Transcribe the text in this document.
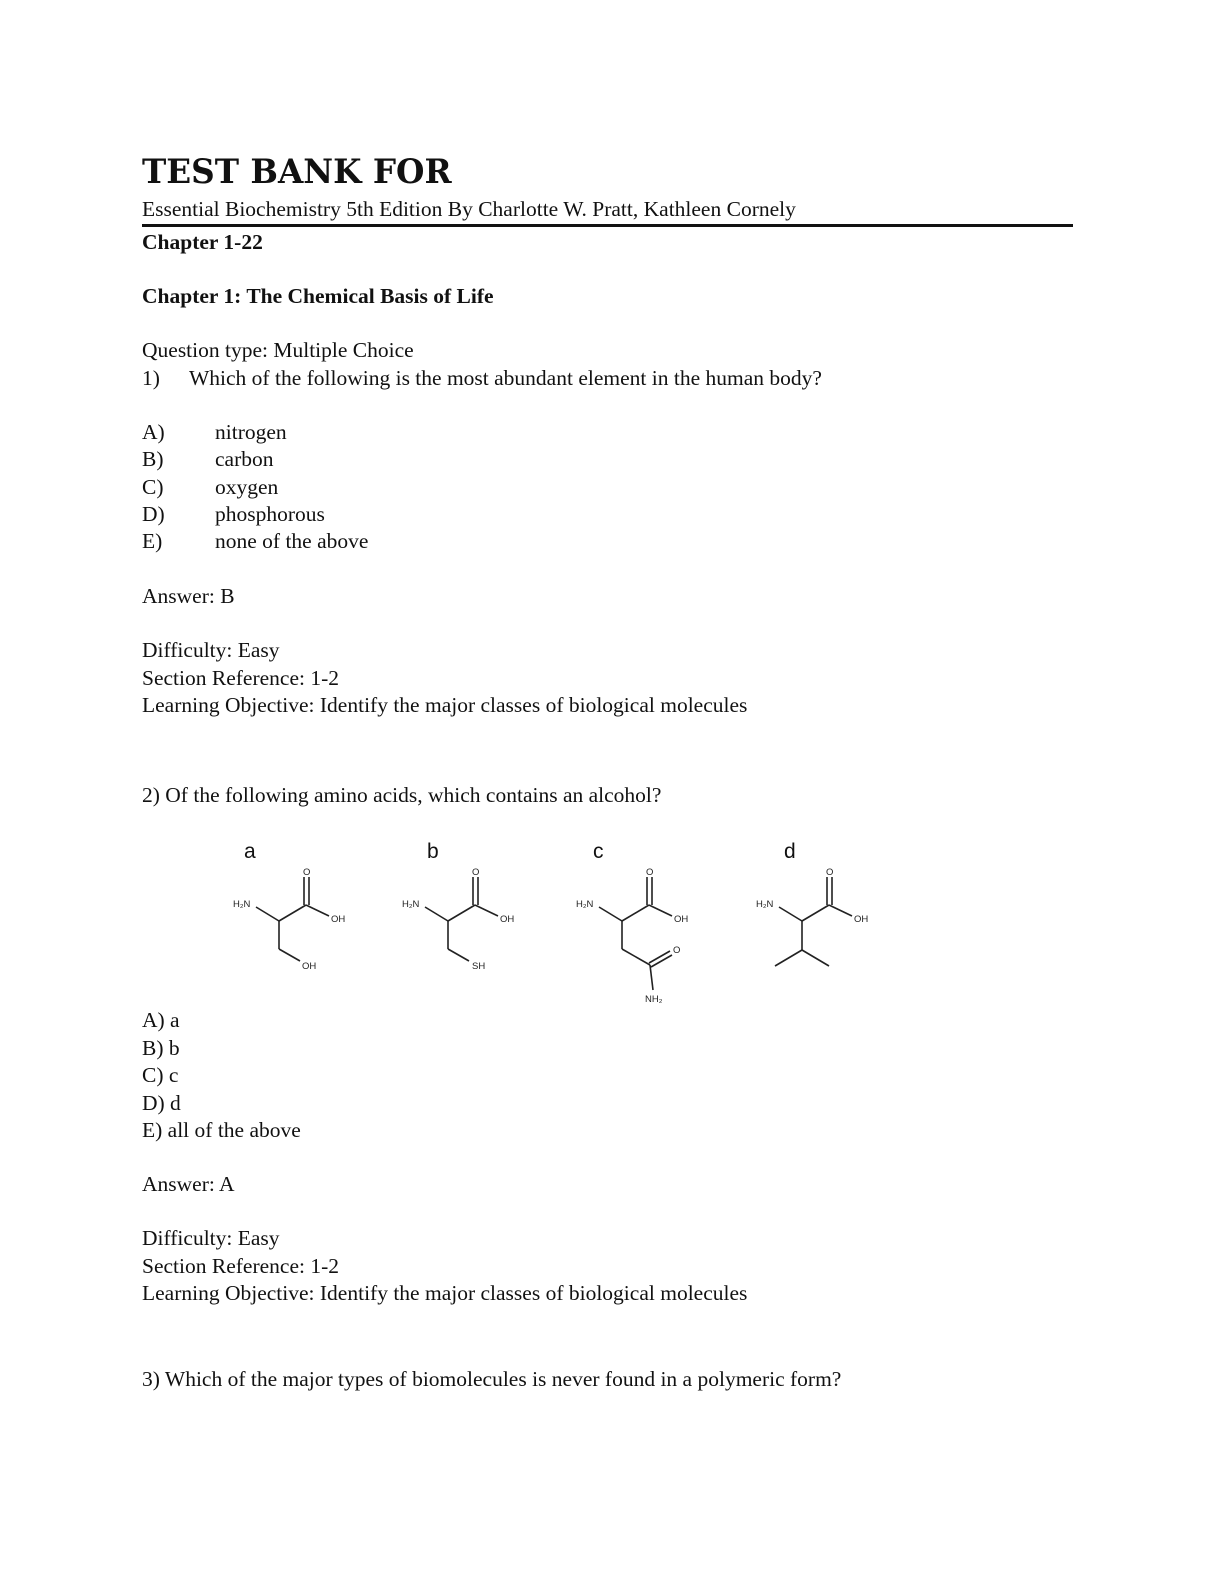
TEST BANK FOR
Essential Biochemistry 5th Edition By Charlotte W. Pratt, Kathleen Cornely
Chapter 1-22
Chapter 1: The Chemical Basis of Life
Question type: Multiple Choice
1) Which of the following is the most abundant element in the human body?
A) nitrogen
B) carbon
C) oxygen
D) phosphorous
E) none of the above
Answer: B
Difficulty: Easy
Section Reference: 1-2
Learning Objective: Identify the major classes of biological molecules
2) Of the following amino acids, which contains an alcohol?
a	b	c	d
H₂N
O
OH
OH
H₂N
O
OH
SH
H₂N
O
OH
O
NH₂
H₂N
O
OH
A) a
B) b
C) c
D) d
E) all of the above
Answer: A
Difficulty: Easy
Section Reference: 1-2
Learning Objective: Identify the major classes of biological molecules
3) Which of the major types of biomolecules is never found in a polymeric form?
